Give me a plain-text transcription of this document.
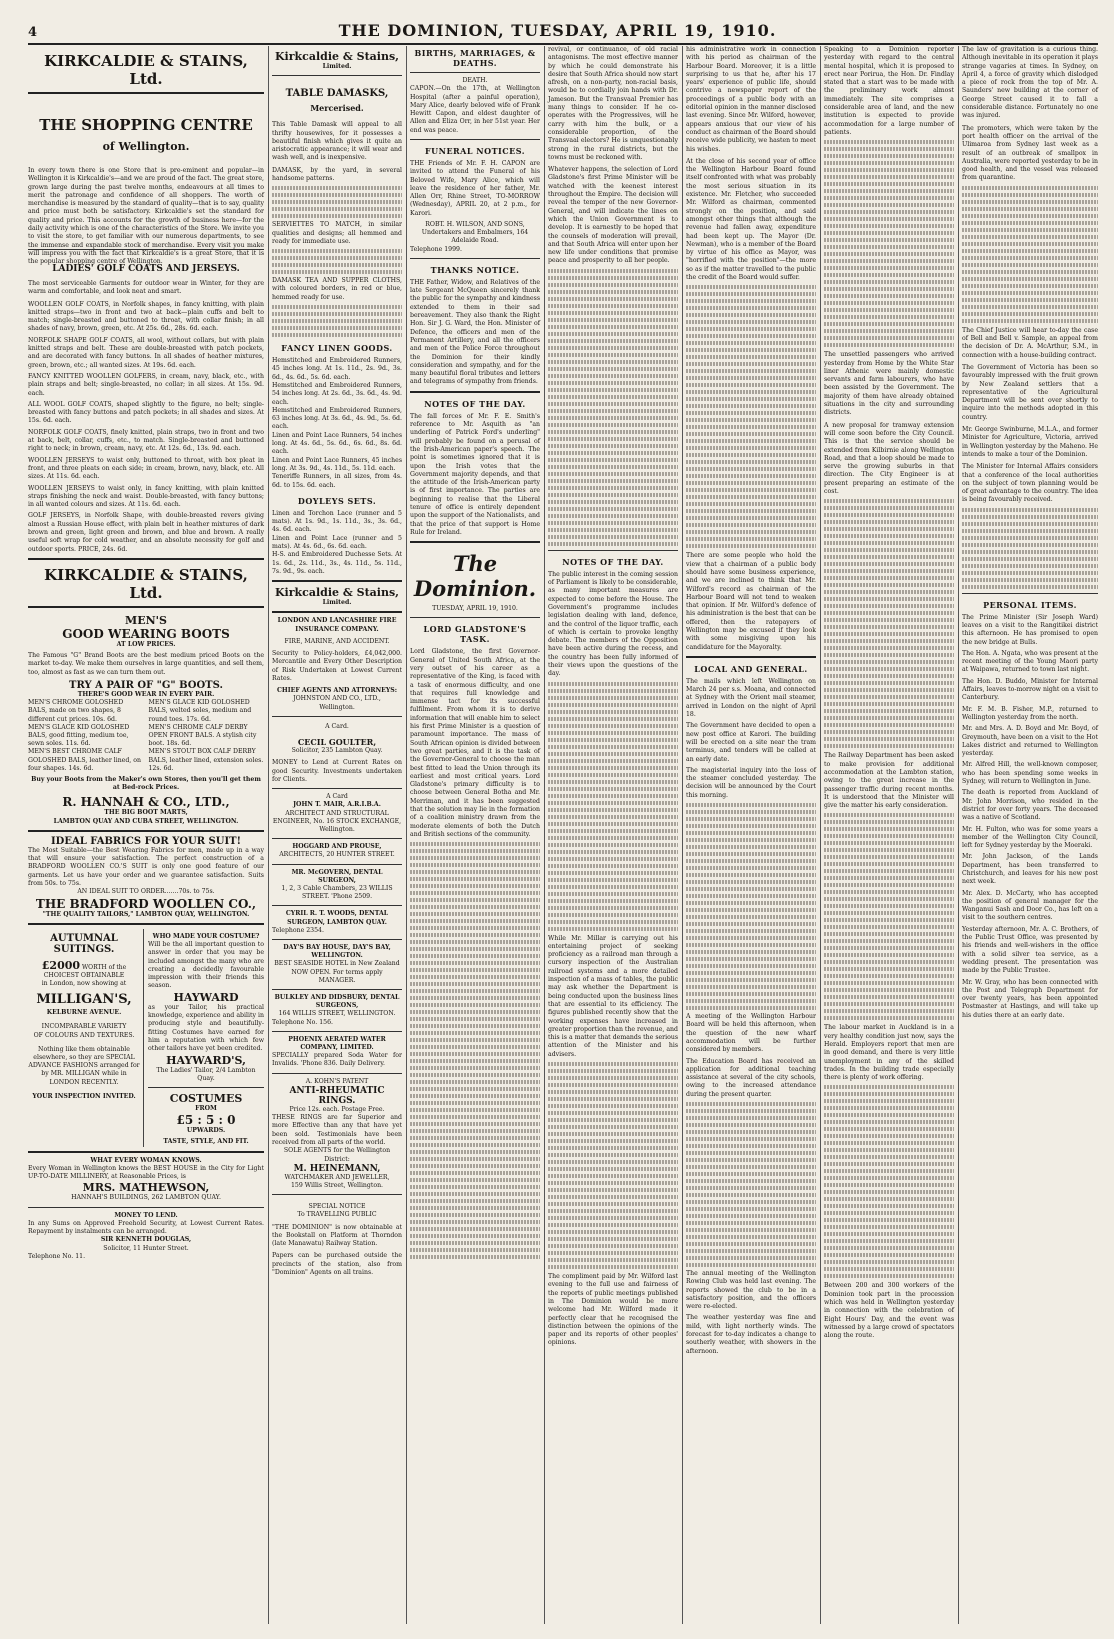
4	THE DOMINION, TUESDAY, APRIL 19, 1910.
KIRKCALDIE & STAINS, Ltd.
THE SHOPPING CENTRE
of Wellington.
In every town there is one Store that is pre-eminent and popular—in Wellington it is Kirkcaldie's—and we are proud of the fact. The great store, grown large during the past twelve months, endeavours at all times to merit the patronage and confidence of all shoppers. The worth of merchandise is measured by the standard of quality—that is to say, quality and price must both be satisfactory. Kirkcaldie's set the standard for quality and price. This accounts for the growth of business here—for the daily activity which is one of the characteristics of the Store. We invite you to visit the store, to get familiar with our numerous departments, to see the immense and expandable stock of merchandise. Every visit you make will impress you with the fact that Kirkcaldie's is a great Store, that it is the popular shopping centre of Wellington.
LADIES' GOLF COATS AND JERSEYS.
The most serviceable Garments for outdoor wear in Winter, for they are warm and comfortable, and look neat and smart.
WOOLLEN GOLF COATS, in Norfolk shapes, in fancy knitting, with plain knitted straps—two in front and two at back—plain cuffs and belt to match; single-breasted and buttoned to throat, with collar finish; in all shades of navy, brown, green, etc. At 25s. 6d., 28s. 6d. each.
NORFOLK SHAPE GOLF COATS, all wool, without collars, but with plain knitted straps and belt. These are double-breasted with patch pockets, and are decorated with fancy buttons. In all shades of heather mixtures, green, brown, etc.; all wanted sizes. At 19s. 6d. each.
FANCY KNITTED WOOLLEN GOLFERS, in cream, navy, black, etc., with plain straps and belt; single-breasted, no collar; in all sizes. At 15s. 9d. each.
ALL WOOL GOLF COATS, shaped slightly to the figure, no belt; single-breasted with fancy buttons and patch pockets; in all shades and sizes. At 15s. 6d. each.
NORFOLK GOLF COATS, finely knitted, plain straps, two in front and two at back, belt, collar, cuffs, etc., to match. Single-breasted and buttoned right to neck; in brown, cream, navy, etc. At 12s. 6d., 13s. 9d. each.
WOOLLEN JERSEYS to waist only, buttoned to throat, with box pleat in front, and three pleats on each side; in cream, brown, navy, black, etc. All sizes. At 11s. 6d. each.
WOOLLEN JERSEYS to waist only, in fancy knitting, with plain knitted straps finishing the neck and waist. Double-breasted, with fancy buttons; in all wanted colours and sizes. At 11s. 6d. each.
GOLF JERSEYS, in Norfolk Shape, with double-breasted revers giving almost a Russian House effect, with plain belt in heather mixtures of dark brown and green, light green and brown, and blue and brown. A really useful soft wrap for cold weather, and an absolute necessity for golf and outdoor sports. PRICE, 24s. 6d.
KIRKCALDIE & STAINS, Ltd.
MEN'S
GOOD WEARING BOOTS
AT LOW PRICES.
The Famous "G" Brand Boots are the best medium priced Boots on the market to-day. We make them ourselves in large quantities, and sell them, too, almost as fast as we can turn them out.
TRY A PAIR OF "G" BOOTS.
THERE'S GOOD WEAR IN EVERY PAIR.
MEN'S CHROME GOLOSHED BALS, made on two shapes, 8 different cut prices. 10s. 6d.
MEN'S GLACE KID GOLOSHED BALS, welted soles, medium and round toes. 17s. 6d.
MEN'S GLACE KID GOLOSHED BALS, good fitting, medium toe, sewn soles. 11s. 6d.
MEN'S CHROME CALF DERBY OPEN FRONT BALS. A stylish city boot. 18s. 6d.
MEN'S BEST CHROME CALF GOLOSHED BALS, leather lined, on four shapes. 14s. 6d.
MEN'S STOUT BOX CALF DERBY BALS, leather lined, extension soles. 12s. 6d.
Buy your Boots from the Maker's own Stores, then you'll get them at Bed-rock Prices.
R. HANNAH & CO., LTD.,
THE BIG BOOT MARTS,
LAMBTON QUAY AND CUBA STREET, WELLINGTON.
IDEAL FABRICS FOR YOUR SUIT!
The Most Suitable—the Best Wearing Fabrics for men, made up in a way that will ensure your satisfaction. The perfect construction of a BRADFORD WOOLLEN CO.'S SUIT is only one good feature of our garments. Let us have your order and we guarantee satisfaction. Suits from 50s. to 75s.
AN IDEAL SUIT TO ORDER.......70s. to 75s.
THE BRADFORD WOOLLEN CO.,
"THE QUALITY TAILORS," LAMBTON QUAY, WELLINGTON.
AUTUMNAL
SUITINGS.
£2000 WORTH of the
CHOICEST OBTAINABLE
in London, now showing at
MILLIGAN'S,
KELBURNE AVENUE.
INCOMPARABLE VARIETY
OF COLOURS AND TEXTURES.
Nothing like them obtainable elsewhere, so they are SPECIAL ADVANCE FASHIONS arranged for by MR. MILLIGAN while in LONDON RECENTLY.
YOUR INSPECTION INVITED.
WHO MADE YOUR COSTUME?
Will be the all important question to answer in order that you may be included amongst the many who are creating a decidedly favourable impression with their friends this season.
HAYWARD
as your Tailor, his practical knowledge, experience and ability in producing style and beautifully-fitting Costumes have earned for him a reputation with which few other tailors have yet been credited.
HAYWARD'S,
The Ladies' Tailor, 2/4 Lambton Quay.
COSTUMES
FROM
£5 : 5 : 0
UPWARDS.
TASTE, STYLE, AND FIT.
WHAT EVERY WOMAN KNOWS.
Every Woman in Wellington knows the BEST HOUSE in the City for Light UP-TO-DATE MILLINERY, at Reasonable Prices, is
MRS. MATHEWSON,
HANNAH'S BUILDINGS, 262 LAMBTON QUAY.
MONEY TO LEND.
In any Sums on Approved Freehold Security, at Lowest Current Rates. Repayment by instalments can be arranged.
SIR KENNETH DOUGLAS,
Solicitor, 11 Hunter Street.
Telephone No. 11.
Kirkcaldie & Stains,
Limited.
TABLE DAMASKS,
Mercerised.
This Table Damask will appeal to all thrifty housewives, for it possesses a beautiful finish which gives it quite an aristocratic appearance; it will wear and wash well, and is inexpensive.
DAMASK, by the yard, in several handsome patterns.
SERVIETTES TO MATCH, in similar qualities and designs; all hemmed and ready for immediate use.
DAMASK TEA AND SUPPER CLOTHS, with coloured borders, in red or blue, hemmed ready for use.
FANCY LINEN GOODS.
Hemstitched and Embroidered Runners, 45 inches long. At 1s. 11d., 2s. 9d., 3s. 6d., 4s. 6d., 5s. 6d. each.
Hemstitched and Embroidered Runners, 54 inches long. At 2s. 6d., 3s. 6d., 4s. 9d. each.
Hemstitched and Embroidered Runners, 63 inches long. At 3s. 6d., 4s. 9d., 5s. 6d. each.
Linen and Point Lace Runners, 54 inches long. At 4s. 6d., 5s. 6d., 6s. 6d., 8s. 6d. each.
Linen and Point Lace Runners, 45 inches long. At 3s. 9d., 4s. 11d., 5s. 11d. each.
Teneriffe Runners, in all sizes, from 4s. 6d. to 15s. 6d. each.
DOYLEYS SETS.
Linen and Torchon Lace (runner and 5 mats). At 1s. 9d., 1s. 11d., 3s., 3s. 6d., 4s. 6d. each.
Linen and Point Lace (runner and 5 mats). At 4s. 6d., 6s. 6d. each.
H-S. and Embroidered Duchesse Sets. At 1s. 6d., 2s. 11d., 3s., 4s. 11d., 5s. 11d., 7s. 9d., 9s. each.
Kirkcaldie & Stains,
Limited.
LONDON AND LANCASHIRE FIRE INSURANCE COMPANY.
FIRE, MARINE, AND ACCIDENT.
Security to Policy-holders, £4,042,000. Mercantile and Every Other Description of Risk Undertaken at Lowest Current Rates.
CHIEF AGENTS AND ATTORNEYS:
JOHNSTON AND CO., LTD.,
Wellington.
A Card.
CECIL GOULTER,
Solicitor, 235 Lambton Quay.
MONEY to Lend at Current Rates on good Security. Investments undertaken for Clients.
A Card
JOHN T. MAIR, A.R.I.B.A.
ARCHITECT AND STRUCTURAL ENGINEER, No. 16 STOCK EXCHANGE, Wellington.
HOGGARD AND PROUSE,
ARCHITECTS, 20 HUNTER STREET.
MR. McGOVERN, DENTAL SURGEON,
1, 2, 3 Cable Chambers, 23 WILLIS STREET. 'Phone 2509.
CYRIL R. T. WOODS, DENTAL SURGEON, LAMBTON QUAY.
Telephone 2354.
DAY'S BAY HOUSE, DAY'S BAY, WELLINGTON.
BEST SEASIDE HOTEL in New Zealand NOW OPEN. For terms apply MANAGER.
BULKLEY AND DIDSBURY, DENTAL SURGEONS,
164 WILLIS STREET, WELLINGTON.
Telephone No. 156.
PHOENIX AERATED WATER COMPANY, LIMITED.
SPECIALLY prepared Soda Water for Invalids. 'Phone 836. Daily Delivery.
A. KOHN'S PATENT
ANTI-RHEUMATIC RINGS.
Price 12s. each. Postage Free.
THESE RINGS are far Superior and more Effective than any that have yet been sold. Testimonials have been received from all parts of the world.
SOLE AGENTS for the Wellington District:
M. HEINEMANN,
WATCHMAKER AND JEWELLER,
159 Willis Street, Wellington.
SPECIAL NOTICE
To TRAVELLING PUBLIC
"THE DOMINION" is now obtainable at the Bookstall on Platform at Thorndon (late Manawatu) Railway Station.
Papers can be purchased outside the precincts of the station, also from "Dominion" Agents on all trains.
BIRTHS, MARRIAGES, & DEATHS.
DEATH.
CAPON.—On the 17th, at Wellington Hospital (after a painful operation), Mary Alice, dearly beloved wife of Frank Hewitt Capon, and eldest daughter of Allen and Eliza Orr, in her 51st year. Her end was peace.
FUNERAL NOTICES.
THE Friends of Mr. F. H. CAPON are invited to attend the Funeral of his Beloved Wife, Mary Alice, which will leave the residence of her father, Mr. Allen Orr, Rhine Street, TO-MORROW (Wednesday), APRIL 20, at 2 p.m., for Karori.
ROBT. H. WILSON, AND SONS, Undertakers and Embalmers, 164 Adelaide Road.
Telephone 1999.
THANKS NOTICE.
THE Father, Widow, and Relatives of the late Sergeant McQueen sincerely thank the public for the sympathy and kindness extended to them in their sad bereavement. They also thank the Right Hon. Sir J. G. Ward, the Hon. Minister of Defence, the officers and men of the Permanent Artillery, and all the officers and men of the Police Force throughout the Dominion for their kindly consideration and sympathy, and for the many beautiful floral tributes and letters and telegrams of sympathy from friends.
NOTES OF THE DAY.
The fall forces of Mr. F. E. Smith's reference to Mr. Asquith as "an underling of Patrick Ford's underling" will probably be found on a perusal of the Irish-American paper's speech. The point is sometimes ignored that it is upon the Irish votes that the Government majority depends, and that the attitude of the Irish-American party is of first importance. The parties are beginning to realise that the Liberal tenure of office is entirely dependent upon the support of the Nationalists, and that the price of that support is Home Rule for Ireland.
The Dominion.
TUESDAY, APRIL 19, 1910.
LORD GLADSTONE'S TASK.
Lord Gladstone, the first Governor-General of United South Africa, at the very outset of his career as a representative of the King, is faced with a task of enormous difficulty, and one that requires full knowledge and immense tact for its successful fulfilment. From whom it is to derive information that will enable him to select his first Prime Minister is a question of paramount importance. The mass of South African opinion is divided between two great parties, and it is the task of the Governor-General to choose the man best fitted to lead the Union through its earliest and most critical years. Lord Gladstone's primary difficulty is to choose between General Botha and Mr. Merriman, and it has been suggested that the solution may lie in the formation of a coalition ministry drawn from the moderate elements of both the Dutch and British sections of the community.
revival, or continuance, of old racial antagonisms. The most effective manner by which he could demonstrate his desire that South Africa should now start afresh, on a non-party, non-racial basis, would be to cordially join hands with Dr. Jameson. But the Transvaal Premier has many things to consider. If he co-operates with the Progressives, will he carry with him the bulk, or a considerable proportion, of the Transvaal electors? He is unquestionably strong in the rural districts, but the towns must be reckoned with.
Whatever happens, the selection of Lord Gladstone's first Prime Minister will be watched with the keenest interest throughout the Empire. The decision will reveal the temper of the new Governor-General, and will indicate the lines on which the Union Government is to develop. It is earnestly to be hoped that the counsels of moderation will prevail, and that South Africa will enter upon her new life under conditions that promise peace and prosperity to all her people.
NOTES OF THE DAY.
The public interest in the coming session of Parliament is likely to be considerable, as many important measures are expected to come before the House. The Government's programme includes legislation dealing with land, defence, and the control of the liquor traffic, each of which is certain to provoke lengthy debate. The members of the Opposition have been active during the recess, and the country has been fully informed of their views upon the questions of the day.
While Mr. Millar is carrying out his entertaining project of seeking proficiency as a railroad man through a cursory inspection of the Australian railroad systems and a more detailed inspection of a mass of tables, the public may ask whether the Department is being conducted upon the business lines that are essential to its efficiency. The figures published recently show that the working expenses have increased in greater proportion than the revenue, and this is a matter that demands the serious attention of the Minister and his advisers.
The compliment paid by Mr. Wilford last evening to the full use and fairness of the reports of public meetings published in The Dominion would be more welcome had Mr. Wilford made it perfectly clear that he recognised the distinction between the opinions of the paper and its reports of other peoples' opinions.
his administrative work in connection with his period as chairman of the Harbour Board. Moreover, it is a little surprising to us that he, after his 17 years' experience of public life, should contrive a newspaper report of the proceedings of a public body with an editorial opinion in the manner disclosed last evening. Since Mr. Wilford, however, appears anxious that our view of his conduct as chairman of the Board should receive wide publicity, we hasten to meet his wishes.
At the close of his second year of office the Wellington Harbour Board found itself confronted with what was probably the most serious situation in its existence. Mr. Fletcher, who succeeded Mr. Wilford as chairman, commented strongly on the position, and said amongst other things that although the revenue had fallen away, expenditure had been kept up. The Mayor (Dr. Newman), who is a member of the Board by virtue of his office as Mayor, was "horrified with the position"—the more so as if the matter travelled to the public the credit of the Board would suffer.
There are some people who hold the view that a chairman of a public body should have some business experience, and we are inclined to think that Mr. Wilford's record as chairman of the Harbour Board will not tend to weaken that opinion. If Mr. Wilford's defence of his administration is the best that can be offered, then the ratepayers of Wellington may be excused if they look with some misgiving upon his candidature for the Mayoralty.
LOCAL AND GENERAL.
The mails which left Wellington on March 24 per s.s. Moana, and connected at Sydney with the Orient mail steamer, arrived in London on the night of April 18.
The Government have decided to open a new post office at Karori. The building will be erected on a site near the tram terminus, and tenders will be called at an early date.
The magisterial inquiry into the loss of the steamer concluded yesterday. The decision will be announced by the Court this morning.
A meeting of the Wellington Harbour Board will be held this afternoon, when the question of the new wharf accommodation will be further considered by members.
The Education Board has received an application for additional teaching assistance at several of the city schools, owing to the increased attendance during the present quarter.
The annual meeting of the Wellington Rowing Club was held last evening. The reports showed the club to be in a satisfactory position, and the officers were re-elected.
The weather yesterday was fine and mild, with light northerly winds. The forecast for to-day indicates a change to southerly weather, with showers in the afternoon.
Speaking to a Dominion reporter yesterday with regard to the central mental hospital, which it is proposed to erect near Porirua, the Hon. Dr. Findlay stated that a start was to be made with the preliminary work almost immediately. The site comprises a considerable area of land, and the new institution is expected to provide accommodation for a large number of patients.
The unsettled passengers who arrived yesterday from Home by the White Star liner Athenic were mainly domestic servants and farm labourers, who have been assisted by the Government. The majority of them have already obtained situations in the city and surrounding districts.
A new proposal for tramway extension will come soon before the City Council. This is that the service should be extended from Kilbirnie along Wellington Road, and that a loop should be made to serve the growing suburbs in that direction. The City Engineer is at present preparing an estimate of the cost.
The Railway Department has been asked to make provision for additional accommodation at the Lambton station, owing to the great increase in the passenger traffic during recent months. It is understood that the Minister will give the matter his early consideration.
The labour market in Auckland is in a very healthy condition just now, says the Herald. Employers report that men are in good demand, and there is very little unemployment in any of the skilled trades. In the building trade especially there is plenty of work offering.
Between 200 and 300 workers of the Dominion took part in the procession which was held in Wellington yesterday in connection with the celebration of Eight Hours' Day, and the event was witnessed by a large crowd of spectators along the route.
The law of gravitation is a curious thing. Although inevitable in its operation it plays strange vagaries at times. In Sydney, on April 4, a force of gravity which dislodged a piece of rock from the top of Mr. A. Saunders' new building at the corner of George Street caused it to fall a considerable distance. Fortunately no one was injured.
The promoters, which were taken by the port health officer on the arrival of the Ulimaroa from Sydney last week as a result of an outbreak of smallpox in Australia, were reported yesterday to be in good health, and the vessel was released from quarantine.
The Chief Justice will hear to-day the case of Bell and Bell v. Sample, an appeal from the decision of Dr. A. McArthur, S.M., in connection with a house-building contract.
The Government of Victoria has been so favourably impressed with the fruit grown by New Zealand settlers that a representative of the Agricultural Department will be sent over shortly to inquire into the methods adopted in this country.
Mr. George Swinburne, M.L.A., and former Minister for Agriculture, Victoria, arrived in Wellington yesterday by the Maheno. He intends to make a tour of the Dominion.
The Minister for Internal Affairs considers that a conference of the local authorities on the subject of town planning would be of great advantage to the country. The idea is being favourably received.
PERSONAL ITEMS.
The Prime Minister (Sir Joseph Ward) leaves on a visit to the Rangitikei district this afternoon. He has promised to open the new bridge at Bulls.
The Hon. A. Ngata, who was present at the recent meeting of the Young Maori party at Waipawa, returned to town last night.
The Hon. D. Buddo, Minister for Internal Affairs, leaves to-morrow night on a visit to Canterbury.
Mr. F. M. B. Fisher, M.P., returned to Wellington yesterday from the north.
Mr. and Mrs. A. D. Boyd and Mr. Boyd, of Greymouth, have been on a visit to the Hot Lakes district and returned to Wellington yesterday.
Mr. Alfred Hill, the well-known composer, who has been spending some weeks in Sydney, will return to Wellington in June.
The death is reported from Auckland of Mr. John Morrison, who resided in the district for over forty years. The deceased was a native of Scotland.
Mr. H. Fulton, who was for some years a member of the Wellington City Council, left for Sydney yesterday by the Moeraki.
Mr. John Jackson, of the Lands Department, has been transferred to Christchurch, and leaves for his new post next week.
Mr. Alex. D. McCarty, who has accepted the position of general manager for the Wanganui Sash and Door Co., has left on a visit to the southern centres.
Yesterday afternoon, Mr. A. C. Brothers, of the Public Trust Office, was presented by his friends and well-wishers in the office with a solid silver tea service, as a wedding present. The presentation was made by the Public Trustee.
Mr. W. Gray, who has been connected with the Post and Telegraph Department for over twenty years, has been appointed Postmaster at Hastings, and will take up his duties there at an early date.
